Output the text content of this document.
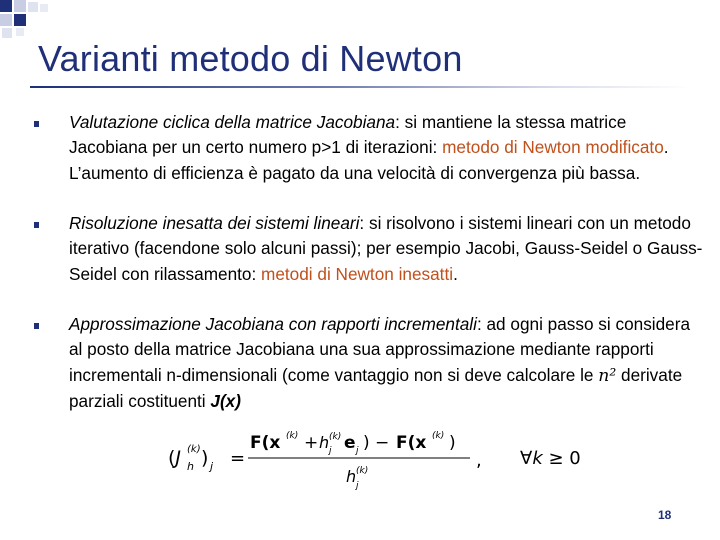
Varianti metodo di Newton
Valutazione ciclica della matrice Jacobiana: si mantiene la stessa matrice Jacobiana per un certo numero p>1 di iterazioni: metodo di Newton modificato. L’aumento di efficienza è pagato da una velocità di convergenza più bassa.
Risoluzione inesatta dei sistemi lineari: si risolvono i sistemi lineari con un metodo iterativo (facendone solo alcuni passi); per esempio Jacobi, Gauss-Seidel o Gauss-Seidel con rilassamento: metodi di Newton inesatti.
Approssimazione Jacobiana con rapporti incrementali: ad ogni passo si considera al posto della matrice Jacobiana una sua approssimazione mediante rapporti incrementali n-dimensionali (come vantaggio non si deve calcolare le n² derivate parziali costituenti J(x)
(J (k)
h ) j =
F(x (k) + h (k)
j e j ) − F(x (k) )
h (k)
j
, ∀k ≥ 0
18
